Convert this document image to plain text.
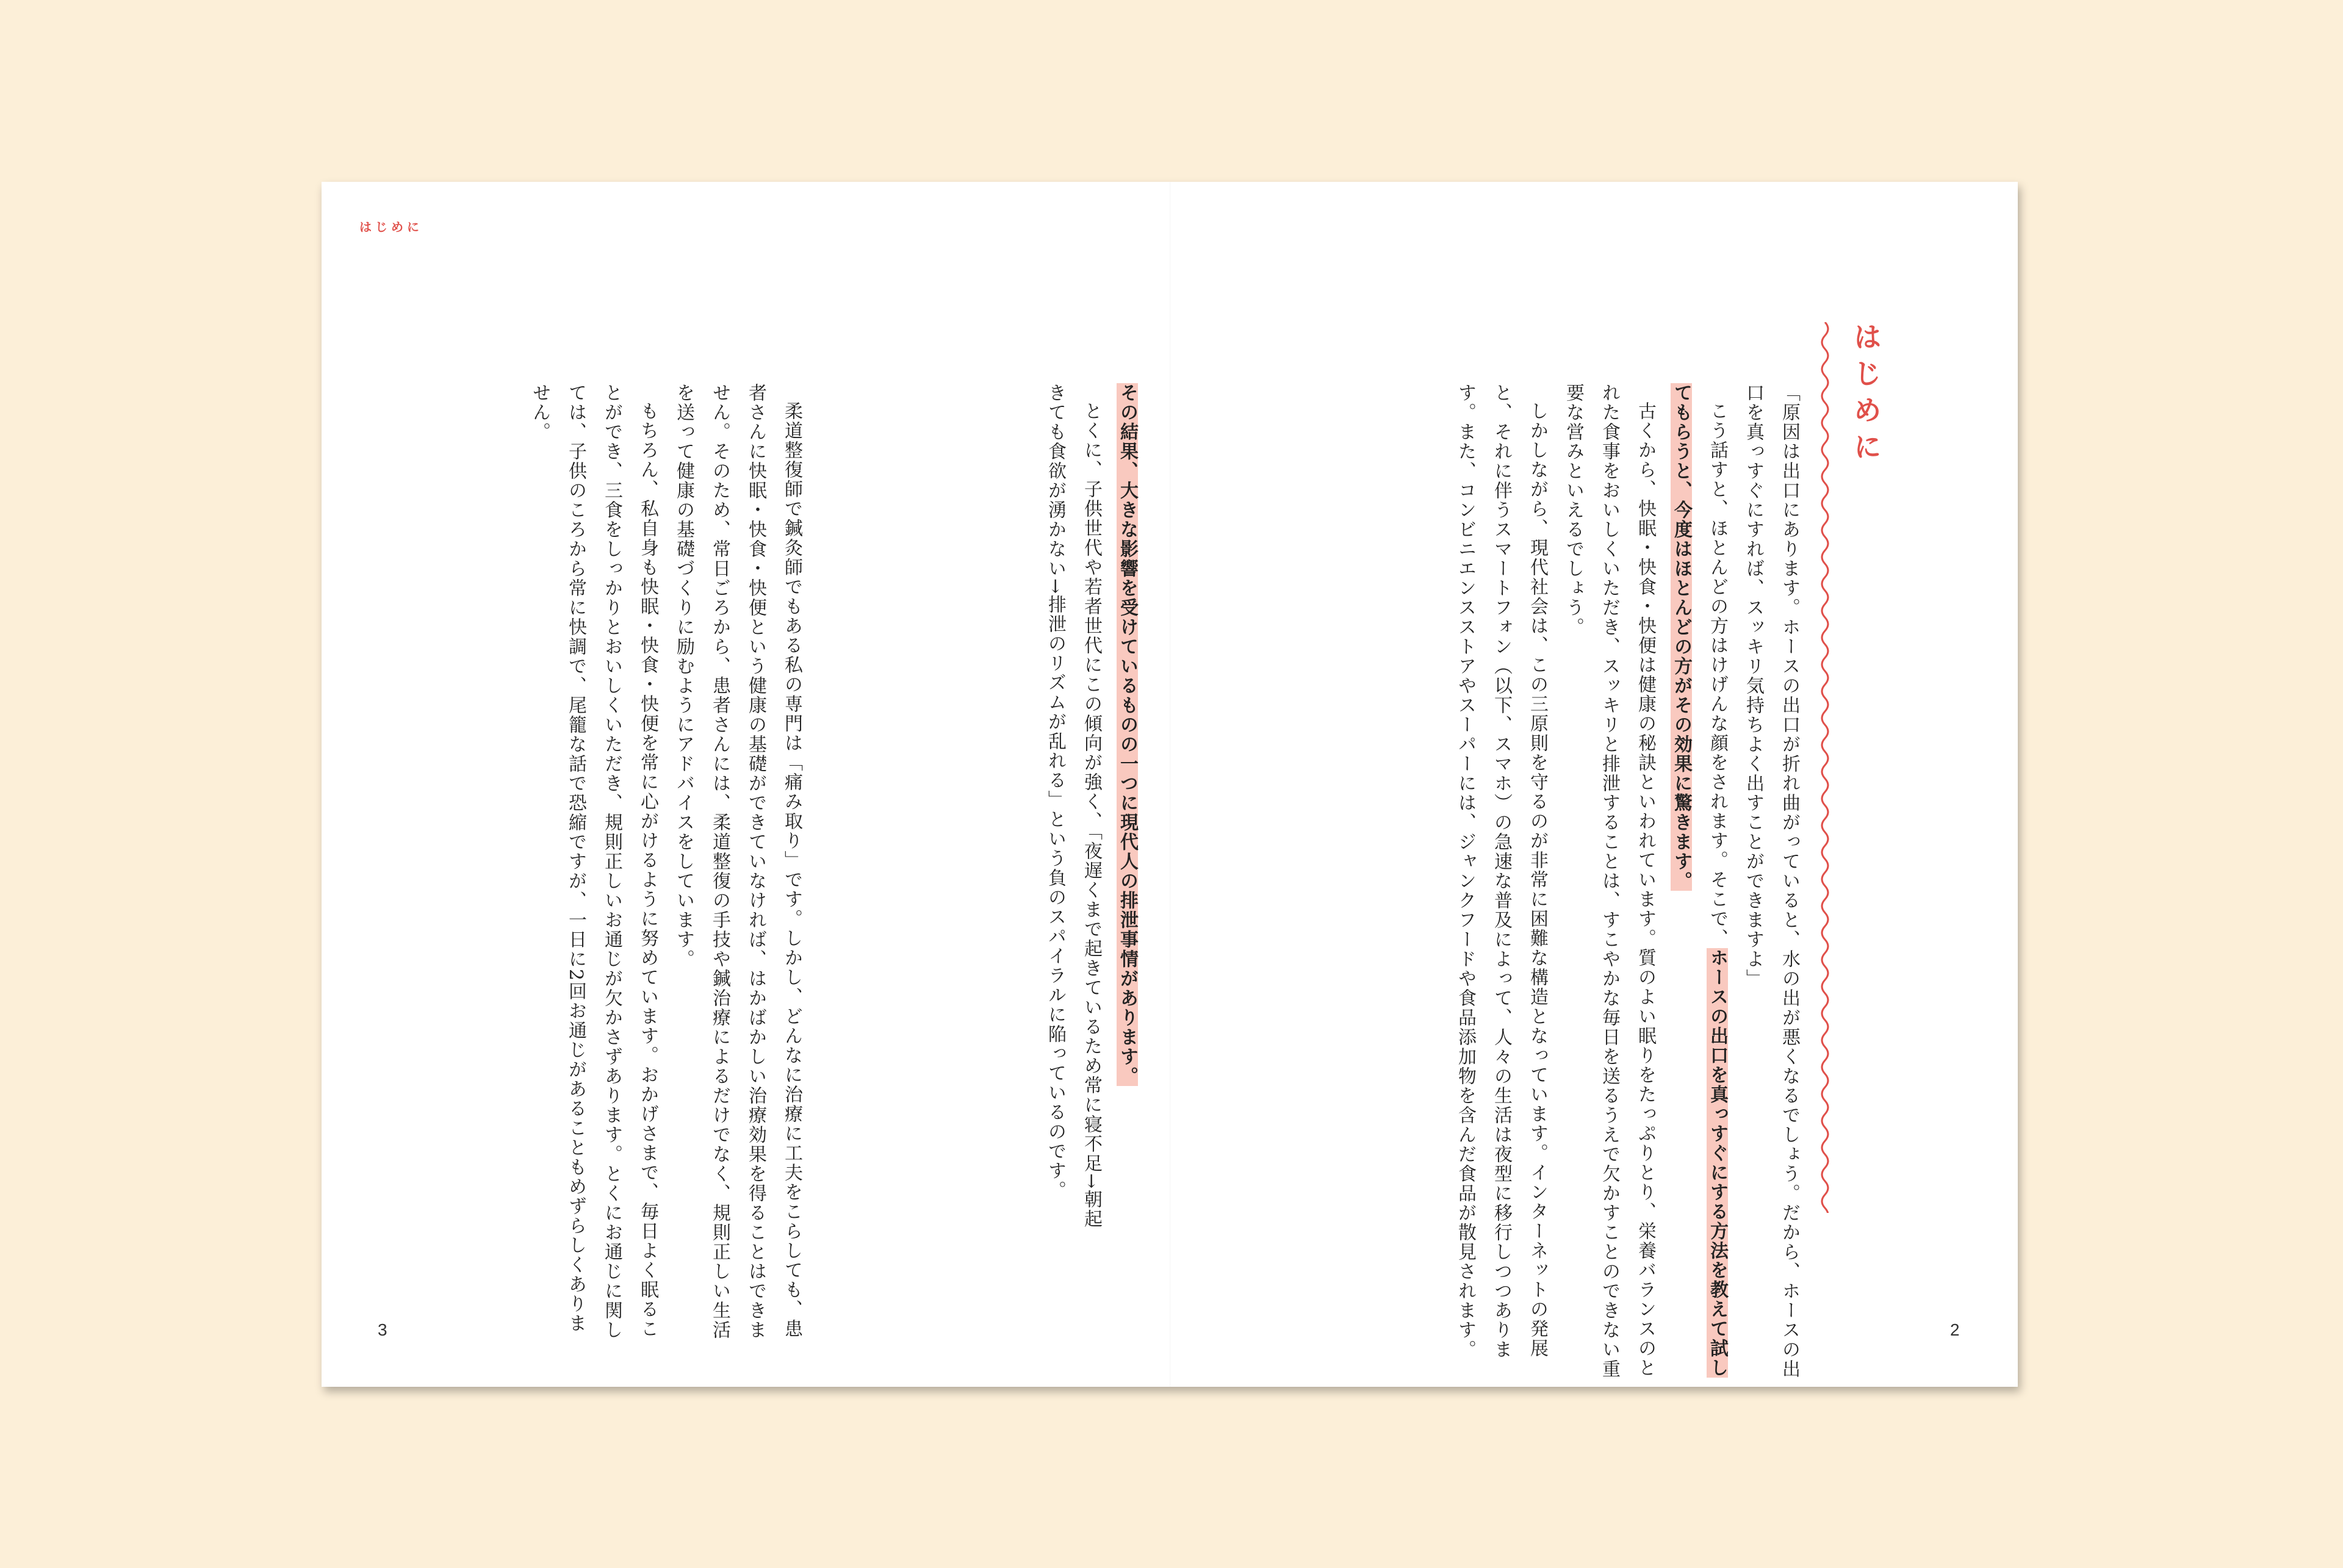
はじめに
はじめに

「原因は出口にあります。ホースの出口が折れ曲がっていると、水の出が悪くなるでしょう。だから、ホースの出口を真っすぐにすれば、スッキリ気持ちよく出すことができますよ」

こう話すと、ほとんどの方はけげんな顔をされます。そこで、ホースの出口を真っすぐにする方法を教えて試してもらうと、今度はほとんどの方がその効果に驚きます。

古くから、快眠・快食・快便は健康の秘訣といわれています。質のよい眠りをたっぷりとり、栄養バランスのとれた食事をおいしくいただき、スッキリと排泄することは、すこやかな毎日を送るうえで欠かすことのできない重要な営みといえるでしょう。

しかしながら、現代社会は、この三原則を守るのが非常に困難な構造となっています。インターネットの発展と、それに伴うスマートフォン（以下、スマホ）の急速な普及によって、人々の生活は夜型に移行しつつあります。また、コンビニエンスストアやスーパーには、ジャンクフードや食品添加物を含んだ食品が散見されます。

その結果、大きな影響を受けているものの一つに現代人の排泄事情があります。

とくに、子供世代や若者世代にこの傾向が強く、「夜遅くまで起きているため常に寝不足→朝起きても食欲が湧かない→排泄のリズムが乱れる」という負のスパイラルに陥っているのです。

柔道整復師で鍼灸師でもある私の専門は「痛み取り」です。しかし、どんなに治療に工夫をこらしても、患者さんに快眠・快食・快便という健康の基礎ができていなければ、はかばかしい治療効果を得ることはできません。そのため、常日ごろから、患者さんには、柔道整復の手技や鍼治療によるだけでなく、規則正しい生活を送って健康の基礎づくりに励むようにアドバイスをしています。

もちろん、私自身も快眠・快食・快便を常に心がけるように努めています。おかげさまで、毎日よく眠ることができ、三食をしっかりとおいしくいただき、規則正しいお通じが欠かさずあります。とくにお通じに関しては、子供のころから常に快調で、尾籠な話で恐縮ですが、一日に2回お通じがあることもめずらしくありません。

3	2
